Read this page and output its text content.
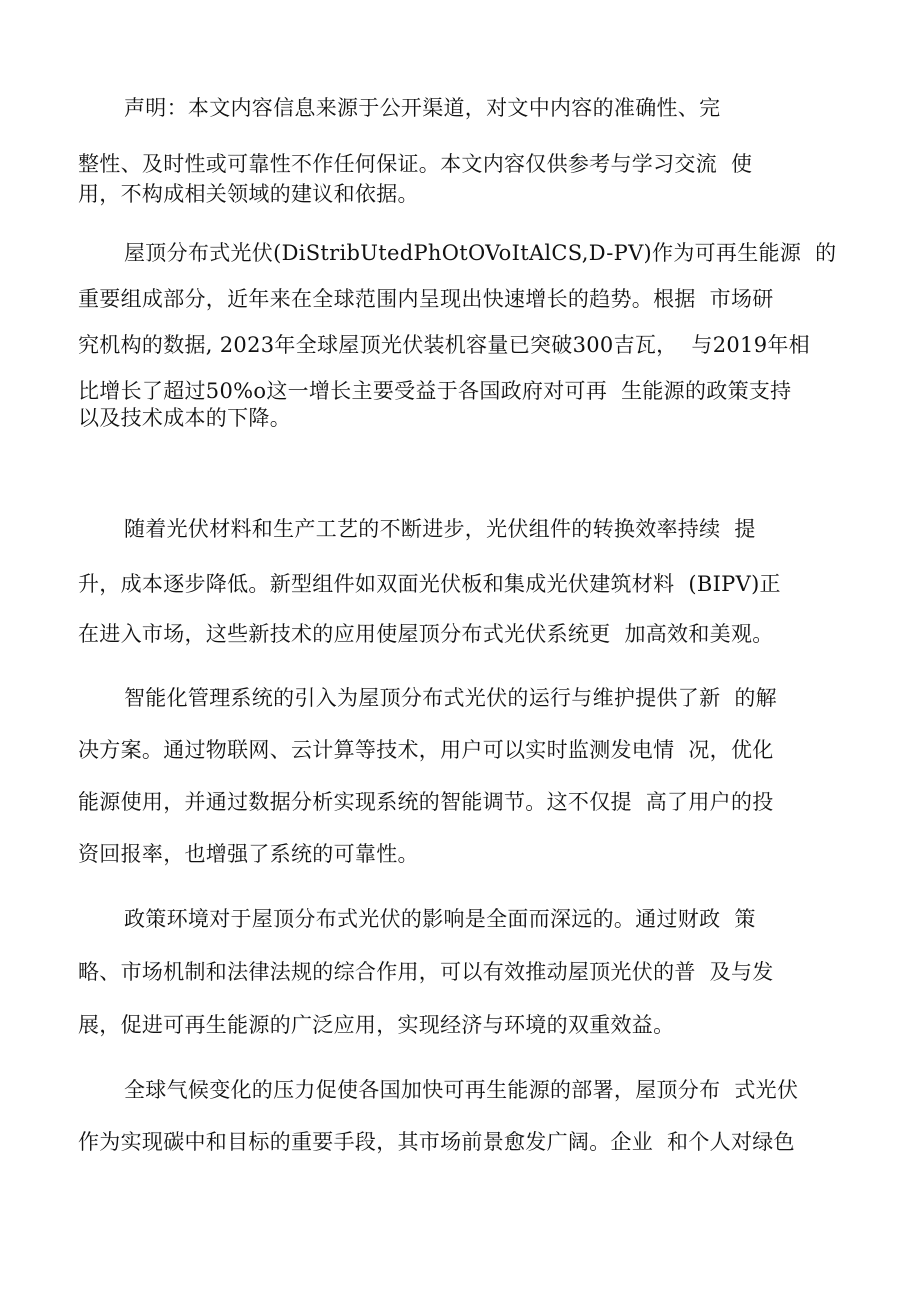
声明：本文内容信息来源于公开渠道，对文中内容的准确性、完
整性、及时性或可靠性不作任何保证。本文内容仅供参考与学习交流  使
用，不构成相关领域的建议和依据。
屋顶分布式光伏(DiStribUtedPhOtOVoItAlCS,D-PV)作为可再生能源  的
重要组成部分，近年来在全球范围内呈现出快速增长的趋势。根据  市场研
究机构的数据, 2023年全球屋顶光伏装机容量已突破300吉瓦，  与2019年相
比增长了超过50%o这一增长主要受益于各国政府对可再  生能源的政策支持
以及技术成本的下降。
随着光伏材料和生产工艺的不断进步，光伏组件的转换效率持续  提
升，成本逐步降低。新型组件如双面光伏板和集成光伏建筑材料  (BIPV)正
在进入市场，这些新技术的应用使屋顶分布式光伏系统更  加高效和美观。
智能化管理系统的引入为屋顶分布式光伏的运行与维护提供了新  的解
决方案。通过物联网、云计算等技术，用户可以实时监测发电情  况，优化
能源使用，并通过数据分析实现系统的智能调节。这不仅提  高了用户的投
资回报率，也增强了系统的可靠性。
政策环境对于屋顶分布式光伏的影响是全面而深远的。通过财政  策
略、市场机制和法律法规的综合作用，可以有效推动屋顶光伏的普  及与发
展，促进可再生能源的广泛应用，实现经济与环境的双重效益。
全球气候变化的压力促使各国加快可再生能源的部署，屋顶分布  式光伏
作为实现碳中和目标的重要手段，其市场前景愈发广阔。企业  和个人对绿色
